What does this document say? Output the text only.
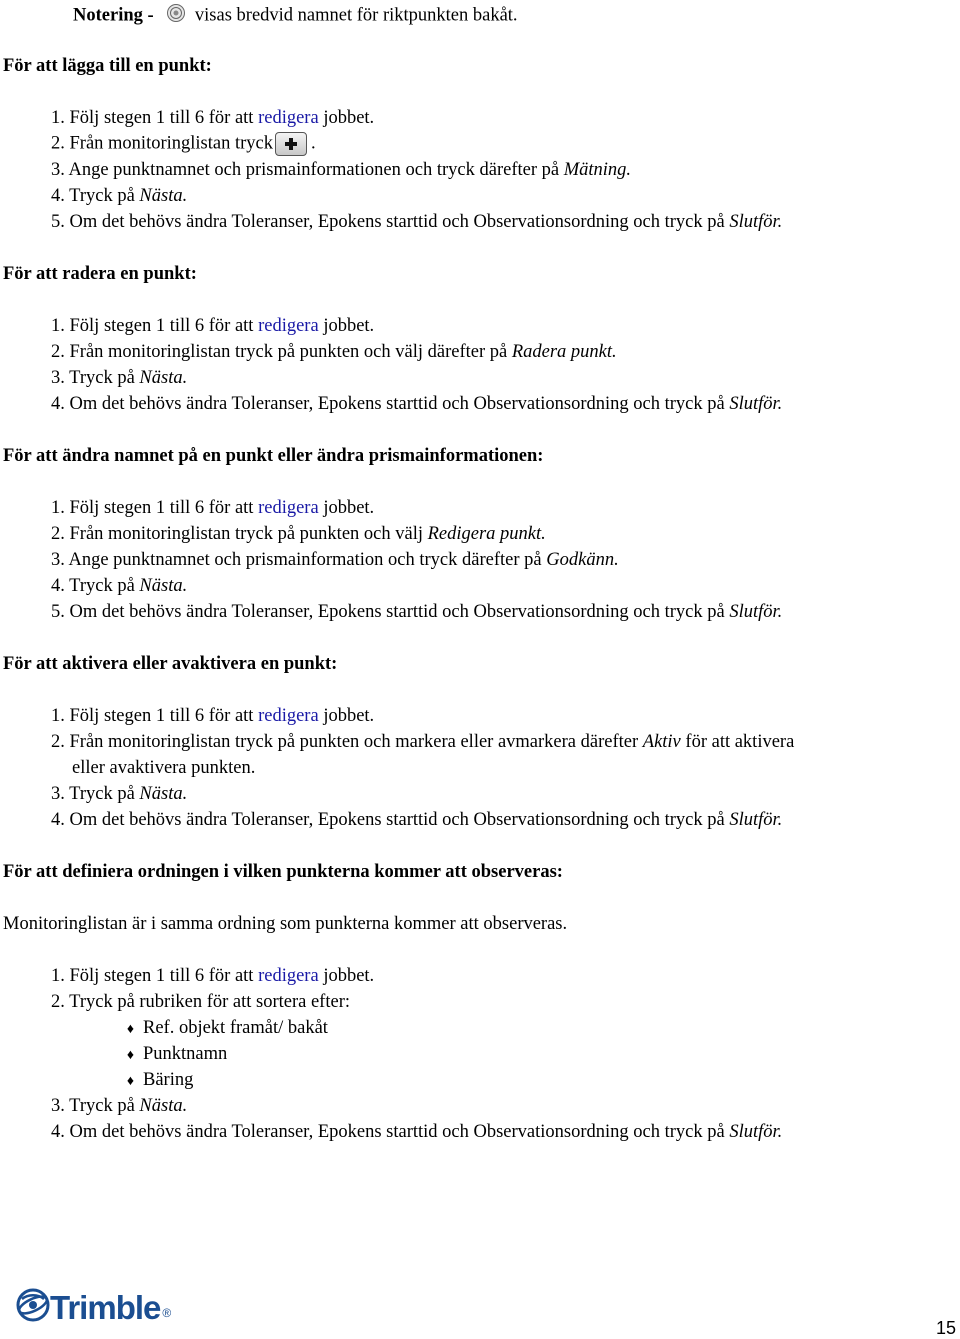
Notering - visas bredvid namnet för riktpunkten bakåt.
För att lägga till en punkt:
1. Följ stegen 1 till 6 för att redigera jobbet.
2. Från monitoringlistan tryck .
3. Ange punktnamnet och prismainformationen och tryck därefter på Mätning.
4. Tryck på Nästa.
5. Om det behövs ändra Toleranser, Epokens starttid och Observationsordning och tryck på Slutför.
För att radera en punkt:
1. Följ stegen 1 till 6 för att redigera jobbet.
2. Från monitoringlistan tryck på punkten och välj därefter på Radera punkt.
3. Tryck på Nästa.
4. Om det behövs ändra Toleranser, Epokens starttid och Observationsordning och tryck på Slutför.
För att ändra namnet på en punkt eller ändra prismainformationen:
1. Följ stegen 1 till 6 för att redigera jobbet.
2. Från monitoringlistan tryck på punkten och välj Redigera punkt.
3. Ange punktnamnet och prismainformation och tryck därefter på Godkänn.
4. Tryck på Nästa.
5. Om det behövs ändra Toleranser, Epokens starttid och Observationsordning och tryck på Slutför.
För att aktivera eller avaktivera en punkt:
1. Följ stegen 1 till 6 för att redigera jobbet.
2. Från monitoringlistan tryck på punkten och markera eller avmarkera därefter Aktiv för att aktivera
eller avaktivera punkten.
3. Tryck på Nästa.
4. Om det behövs ändra Toleranser, Epokens starttid och Observationsordning och tryck på Slutför.
För att definiera ordningen i vilken punkterna kommer att observeras:
Monitoringlistan är i samma ordning som punkterna kommer att observeras.
1. Följ stegen 1 till 6 för att redigera jobbet.
2. Tryck på rubriken för att sortera efter:
♦ Ref. objekt framåt/ bakåt
♦ Punktnamn
♦ Bäring
3. Tryck på Nästa.
4. Om det behövs ändra Toleranser, Epokens starttid och Observationsordning och tryck på Slutför.
Trimble ®
15
